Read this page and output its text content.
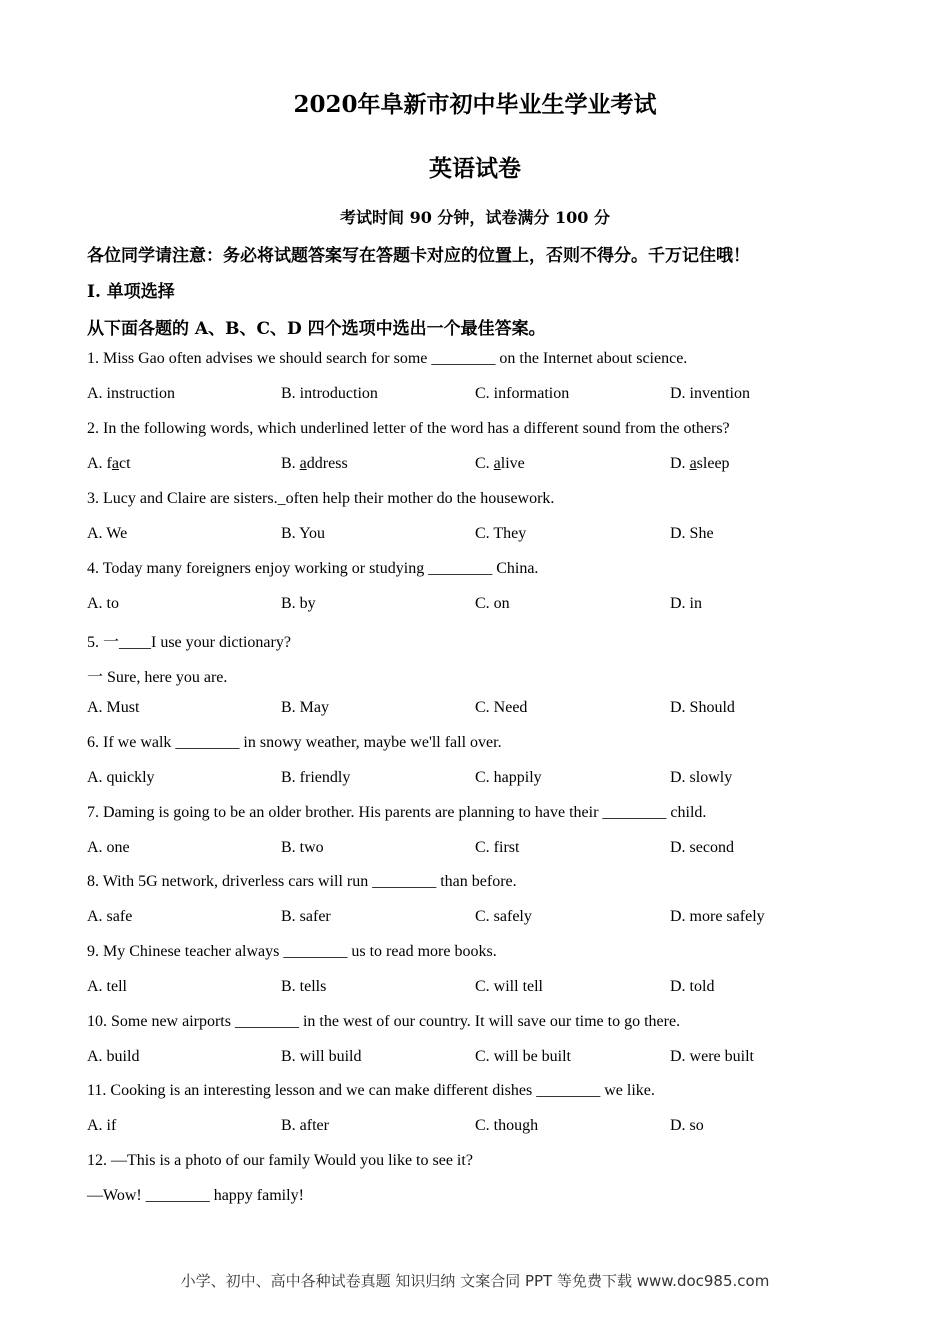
2020年阜新市初中毕业生学业考试
英语试卷
考试时间 90 分钟，试卷满分 100 分
各位同学请注意：务必将试题答案写在答题卡对应的位置上，否则不得分。千万记住哦！
I. 单项选择
从下面各题的 A、B、C、D 四个选项中选出一个最佳答案。
1. Miss Gao often advises we should search for some ________ on the Internet about science.
A. instruction	B. introduction	C. information	D. invention
2. In the following words, which underlined letter of the word has a different sound from the others?
A. fact	B. address	C. alive	D. asleep
3. Lucy and Claire are sisters._often help their mother do the housework.
A. We	B. You	C. They	D. She
4. Today many foreigners enjoy working or studying ________ China.
A. to	B. by	C. on	D. in
5. 一____I use your dictionary?
一 Sure, here you are.
A. Must	B. May	C. Need	D. Should
6. If we walk ________ in snowy weather, maybe we'll fall over.
A. quickly	B. friendly	C. happily	D. slowly
7. Daming is going to be an older brother. His parents are planning to have their ________ child.
A. one	B. two	C. first	D. second
8. With 5G network, driverless cars will run ________ than before.
A. safe	B. safer	C. safely	D. more safely
9. My Chinese teacher always ________ us to read more books.
A. tell	B. tells	C. will tell	D. told
10. Some new airports ________ in the west of our country. It will save our time to go there.
A. build	B. will build	C. will be built	D. were built
11. Cooking is an interesting lesson and we can make different dishes ________ we like.
A. if	B. after	C. though	D. so
12. —This is a photo of our family Would you like to see it?
—Wow! ________ happy family!
小学、初中、高中各种试卷真题 知识归纳 文案合同 PPT 等免费下载 www.doc985.com
